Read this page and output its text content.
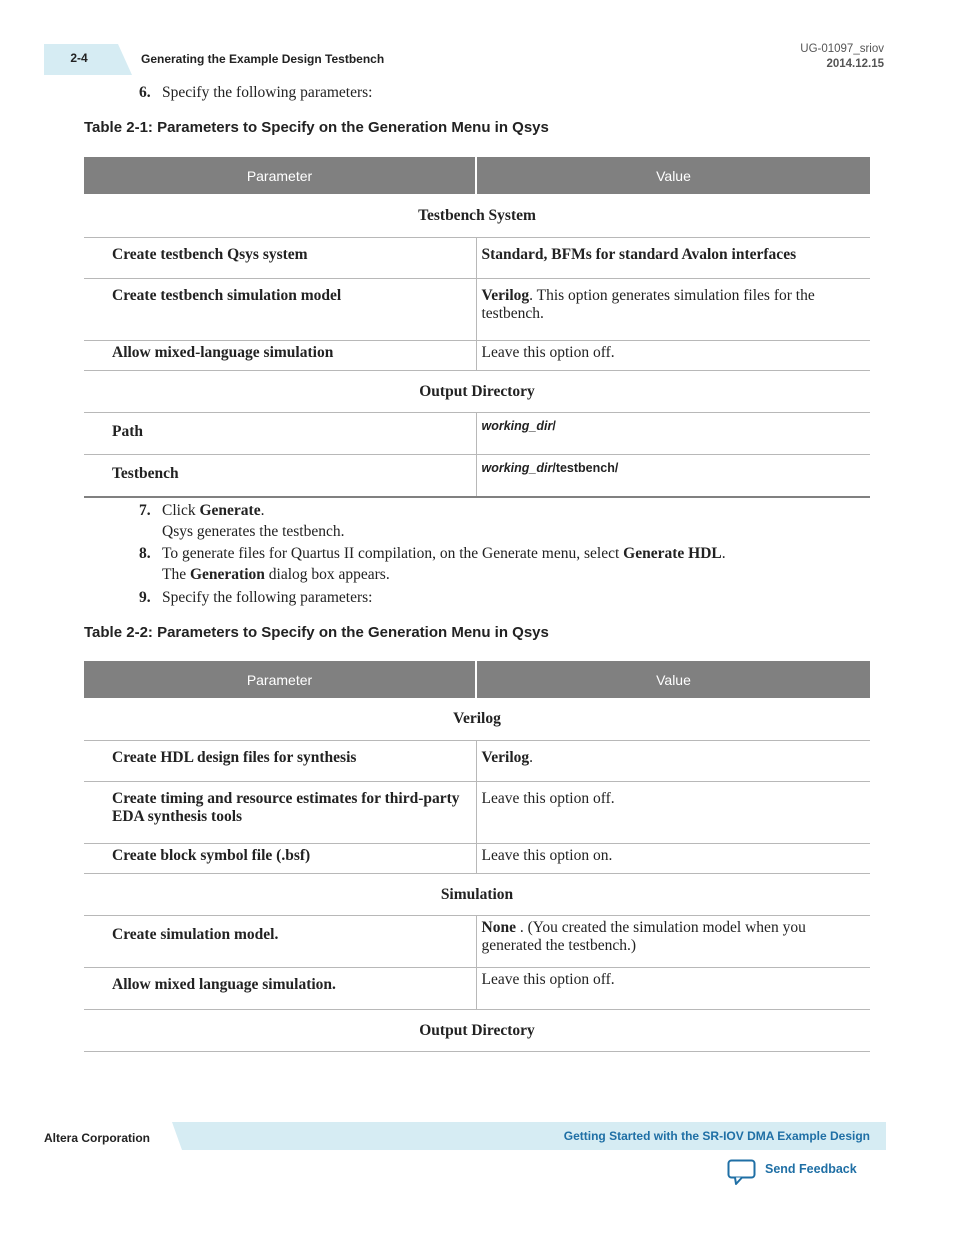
2-4	Generating the Example Design Testbench
UG-01097_sriov
2014.12.15
6. Specify the following parameters:
Table 2-1: Parameters to Specify on the Generation Menu in Qsys
Parameter	Value
Testbench System	
Create testbench Qsys system	Standard, BFMs for standard Avalon interfaces
Create testbench simulation model	Verilog. This option generates simulation files for the testbench.
Allow mixed-language simulation	Leave this option off.
Output Directory	
Path	working_dir/
Testbench	working_dir/testbench/
7. Click Generate.
Qsys generates the testbench.
8. To generate files for Quartus II compilation, on the Generate menu, select Generate HDL.
The Generation dialog box appears.
9. Specify the following parameters:
Table 2-2: Parameters to Specify on the Generation Menu in Qsys
Parameter	Value
Verilog	
Create HDL design files for synthesis	Verilog.
Create timing and resource estimates for third-party EDA synthesis tools	Leave this option off.
Create block symbol file (.bsf)	Leave this option on.
Simulation	
Create simulation model.	None . (You created the simulation model when you generated the testbench.)
Allow mixed language simulation.	Leave this option off.
Output Directory	
Altera Corporation	Getting Started with the SR-IOV DMA Example Design
Send Feedback
